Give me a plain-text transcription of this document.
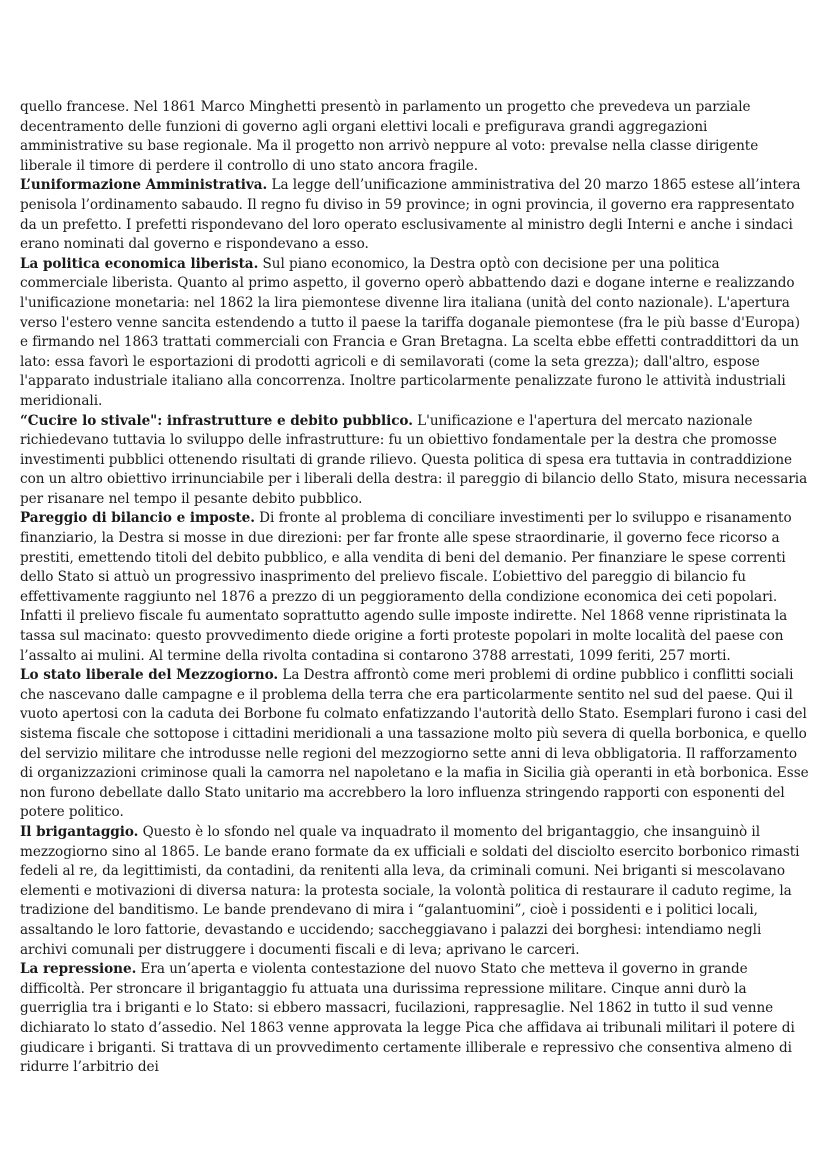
quello francese. Nel 1861 Marco Minghetti presentò in parlamento un progetto che prevedeva un parziale decentramento delle funzioni di governo agli organi elettivi locali e prefigurava grandi aggregazioni amministrative su base regionale. Ma il progetto non arrivò neppure al voto: prevalse nella classe dirigente liberale il timore di perdere il controllo di uno stato ancora fragile.

L’uniformazione Amministrativa. La legge dell’unificazione amministrativa del 20 marzo 1865 estese all’intera penisola l’ordinamento sabaudo. Il regno fu diviso in 59 province; in ogni provincia, il governo era rappresentato da un prefetto. I prefetti rispondevano del loro operato esclusivamente al ministro degli Interni e anche i sindaci erano nominati dal governo e rispondevano a esso.

La politica economica liberista. Sul piano economico, la Destra optò con decisione per una politica commerciale liberista. Quanto al primo aspetto, il governo operò abbattendo dazi e dogane interne e realizzando l'unificazione monetaria: nel 1862 la lira piemontese divenne lira italiana (unità del conto nazionale). L'apertura verso l'estero venne sancita estendendo a tutto il paese la tariffa doganale piemontese (fra le più basse d'Europa) e firmando nel 1863 trattati commerciali con Francia e Gran Bretagna. La scelta ebbe effetti contraddittori da un lato: essa favorì le esportazioni di prodotti agricoli e di semilavorati (come la seta grezza); dall'altro, espose l'apparato industriale italiano alla concorrenza. Inoltre particolarmente penalizzate furono le attività industriali meridionali.

“Cucire lo stivale": infrastrutture e debito pubblico. L'unificazione e l'apertura del mercato nazionale richiedevano tuttavia lo sviluppo delle infrastrutture: fu un obiettivo fondamentale per la destra che promosse investimenti pubblici ottenendo risultati di grande rilievo. Questa politica di spesa era tuttavia in contraddizione con un altro obiettivo irrinunciabile per i liberali della destra: il pareggio di bilancio dello Stato, misura necessaria per risanare nel tempo il pesante debito pubblico.

Pareggio di bilancio e imposte. Di fronte al problema di conciliare investimenti per lo sviluppo e risanamento finanziario, la Destra si mosse in due direzioni: per far fronte alle spese straordinarie, il governo fece ricorso a prestiti, emettendo titoli del debito pubblico, e alla vendita di beni del demanio. Per finanziare le spese correnti dello Stato si attuò un progressivo inasprimento del prelievo fiscale. L’obiettivo del pareggio di bilancio fu effettivamente raggiunto nel 1876 a prezzo di un peggioramento della condizione economica dei ceti popolari. Infatti il prelievo fiscale fu aumentato soprattutto agendo sulle imposte indirette. Nel 1868 venne ripristinata la tassa sul macinato: questo provvedimento diede origine a forti proteste popolari in molte località del paese con l’assalto ai mulini. Al termine della rivolta contadina si contarono 3788 arrestati, 1099 feriti, 257 morti.

Lo stato liberale del Mezzogiorno. La Destra affrontò come meri problemi di ordine pubblico i conflitti sociali che nascevano dalle campagne e il problema della terra che era particolarmente sentito nel sud del paese. Qui il vuoto apertosi con la caduta dei Borbone fu colmato enfatizzando l'autorità dello Stato. Esemplari furono i casi del sistema fiscale che sottopose i cittadini meridionali a una tassazione molto più severa di quella borbonica, e quello del servizio militare che introdusse nelle regioni del mezzogiorno sette anni di leva obbligatoria. Il rafforzamento di organizzazioni criminose quali la camorra nel napoletano e la mafia in Sicilia già operanti in età borbonica. Esse non furono debellate dallo Stato unitario ma accrebbero la loro influenza stringendo rapporti con esponenti del potere politico.

Il brigantaggio. Questo è lo sfondo nel quale va inquadrato il momento del brigantaggio, che insanguinò il mezzogiorno sino al 1865. Le bande erano formate da ex ufficiali e soldati del disciolto esercito borbonico rimasti fedeli al re, da legittimisti, da contadini, da renitenti alla leva, da criminali comuni. Nei briganti si mescolavano elementi e motivazioni di diversa natura: la protesta sociale, la volontà politica di restaurare il caduto regime, la tradizione del banditismo. Le bande prendevano di mira i “galantuomini”, cioè i possidenti e i politici locali, assaltando le loro fattorie, devastando e uccidendo; saccheggiavano i palazzi dei borghesi: intendiamo negli archivi comunali per distruggere i documenti fiscali e di leva; aprivano le carceri.

La repressione. Era un’aperta e violenta contestazione del nuovo Stato che metteva il governo in grande difficoltà. Per stroncare il brigantaggio fu attuata una durissima repressione militare. Cinque anni durò la guerriglia tra i briganti e lo Stato: si ebbero massacri, fucilazioni, rappresaglie. Nel 1862 in tutto il sud venne dichiarato lo stato d’assedio. Nel 1863 venne approvata la legge Pica che affidava ai tribunali militari il potere di giudicare i briganti. Si trattava di un provvedimento certamente illiberale e repressivo che consentiva almeno di ridurre l’arbitrio dei
